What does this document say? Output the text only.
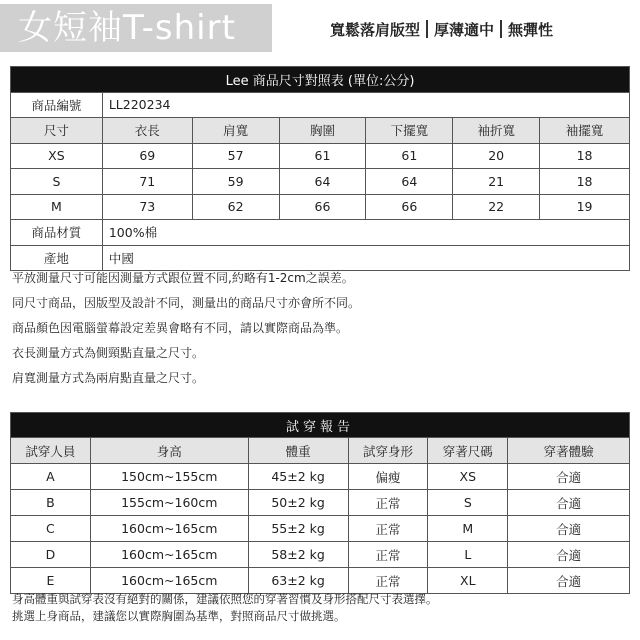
女短袖T-shirt	寬鬆落肩版型 厚薄適中 無彈性
Lee 商品尺寸對照表 (單位:公分)						
商品編號	LL220234					
尺寸	衣長	肩寬	胸圍	下擺寬	袖折寬	袖擺寬
XS	69	57	61	61	20	18
S	71	59	64	64	21	18
M	73	62	66	66	22	19
商品材質	100%棉					
產地	中國					
平放測量尺寸可能因測量方式跟位置不同,約略有1-2cm之誤差。
同尺寸商品，因版型及設計不同，測量出的商品尺寸亦會所不同。
商品顏色因電腦螢幕設定差異會略有不同，請以實際商品為準。
衣長測量方式為側頸點直量之尺寸。
肩寬測量方式為兩肩點直量之尺寸。
試穿報告					
試穿人員	身高	體重	試穿身形	穿著尺碼	穿著體驗
A	150cm~155cm	45±2 kg	偏瘦	XS	合適
B	155cm~160cm	50±2 kg	正常	S	合適
C	160cm~165cm	55±2 kg	正常	M	合適
D	160cm~165cm	58±2 kg	正常	L	合適
E	160cm~165cm	63±2 kg	正常	XL	合適
身高體重與試穿表沒有絕對的關係，建議依照您的穿著習慣及身形搭配尺寸表選擇。
挑選上身商品，建議您以實際胸圍為基準，對照商品尺寸做挑選。
